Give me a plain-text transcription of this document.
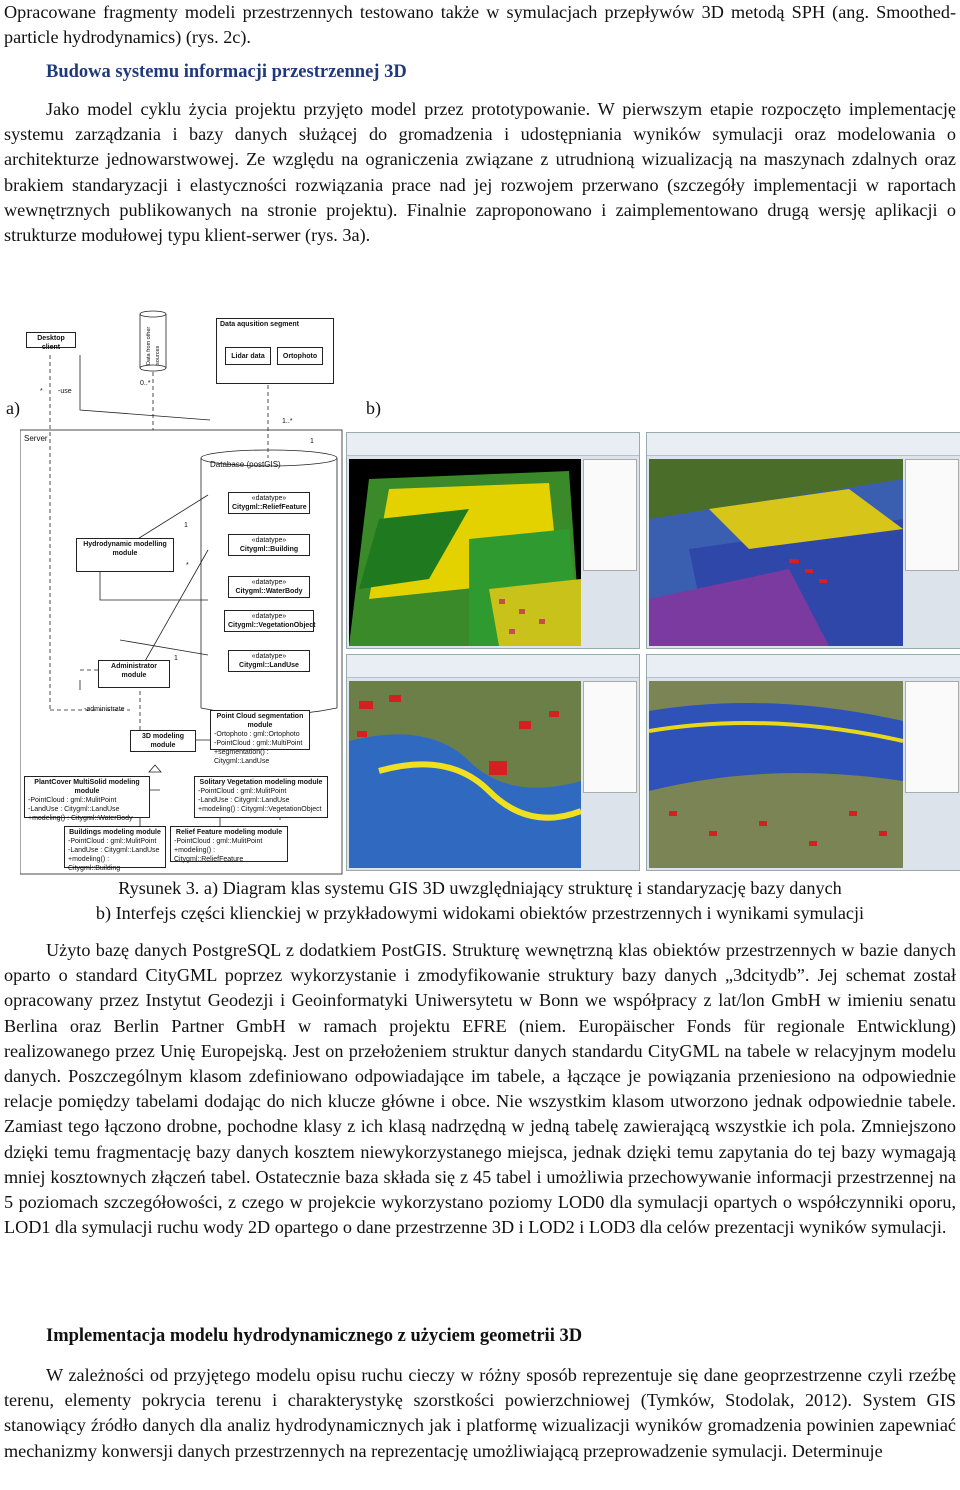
Opracowane fragmenty modeli przestrzennych testowano także w symulacjach przepływów 3D metodą SPH (ang. Smoothed-particle hydrodynamics) (rys. 2c).

Budowa systemu informacji przestrzennej 3D

Jako model cyklu życia projektu przyjęto model przez prototypowanie. W pierwszym etapie rozpoczęto implementację systemu zarządzania i bazy danych służącej do gromadzenia i udostępniania wyników symulacji oraz modelowania o architekturze jednowarstwowej. Ze względu na ograniczenia związane z utrudnioną wizualizacją na maszynach zdalnych oraz brakiem standaryzacji i elastyczności rozwiązania prace nad jej rozwojem przerwano (szczegóły implementacji w raportach wewnętrznych publikowanych na stronie projektu). Finalnie zaproponowano i zaimplementowano drugą wersję aplikacji o strukturze modułowej typu klient-serwer (rys. 3a).

a)	b)
Desktop client	Data from other sources
Data aqusition segment
Lidar data	Ortophoto
* -use
0..*
1..*
Server	1
Database (postGIS)
«datatype»
Citygml::ReliefFeature
«datatype»
Citygml::Building
«datatype»
Citygml::WaterBody
«datatype»
Citygml::VegetationObject
«datatype»
Citygml::LandUse
Hydrodynamic modelling module
1
*
1
Administrator module
-administrate
Point Cloud segmentation module
-Ortophoto : gml::Ortophoto
-PointCloud : gml::MultiPoint
+segmentation() : Citygml::LandUse
3D modeling module
PlantCover MultiSolid modeling module
-PointCloud : gml::MulitPoint
-LandUse : Citygml::LandUse
+modeling() : Citygml::WaterBody
Solitary Vegetation modeling module
-PointCloud : gml::MulitPoint
-LandUse : Citygml::LandUse
+modeling() : Citygml::VegetationObject
Buildings modeling module
-PointCloud : gml::MulitPoint
-LandUse : Citygml::LandUse
+modeling() : Citygml::Building
Relief Feature modeling module
-PointCloud : gml::MulitPoint
+modeling() : Citygml::ReliefFeature
Rysunek 3. a) Diagram klas systemu GIS 3D uwzględniający strukturę i standaryzację bazy danych
b) Interfejs części klienckiej w przykładowymi widokami obiektów przestrzennych i wynikami symulacji

Użyto bazę danych PostgreSQL z dodatkiem PostGIS. Strukturę wewnętrzną klas obiektów przestrzennych w bazie danych oparto o standard CityGML poprzez wykorzystanie i zmodyfikowanie struktury bazy danych „3dcitydb”. Jej schemat został opracowany przez Instytut Geodezji i Geoinformatyki Uniwersytetu w Bonn we współpracy z lat/lon GmbH w imieniu senatu Berlina oraz Berlin Partner GmbH w ramach projektu EFRE (niem. Europäischer Fonds für regionale Entwicklung) realizowanego przez Unię Europejską. Jest on przełożeniem struktur danych standardu CityGML na tabele w relacyjnym modelu danych. Poszczególnym klasom zdefiniowano odpowiadające im tabele, a łączące je powiązania przeniesiono na odpowiednie relacje pomiędzy tabelami dodając do nich klucze główne i obce. Nie wszystkim klasom utworzono jednak odpowiednie tabele. Zamiast tego łączono drobne, pochodne klasy z ich klasą nadrzędną w jedną tabelę zawierającą wszystkie ich pola. Zmniejszono dzięki temu fragmentację bazy danych kosztem niewykorzystanego miejsca, jednak dzięki temu zapytania do tej bazy wymagają mniej kosztownych złączeń tabel. Ostatecznie baza składa się z 45 tabel i umożliwia przechowywanie informacji przestrzennej na 5 poziomach szczegółowości, z czego w projekcie wykorzystano poziomy LOD0 dla symulacji opartych o współczynniki oporu, LOD1 dla symulacji ruchu wody 2D opartego o dane przestrzenne 3D i LOD2 i LOD3 dla celów prezentacji wyników symulacji.

Implementacja modelu hydrodynamicznego z użyciem geometrii 3D

W zależności od przyjętego modelu opisu ruchu cieczy w różny sposób reprezentuje się dane geoprzestrzenne czyli rzeźbę terenu, elementy pokrycia terenu i charakterystykę szorstkości powierzchniowej (Tymków, Stodolak, 2012). System GIS stanowiący źródło danych dla analiz hydrodynamicznych jak i platformę wizualizacji wyników gromadzenia powinien zapewniać mechanizmy konwersji danych przestrzennych na reprezentację umożliwiającą przeprowadzenie symulacji. Determinuje
